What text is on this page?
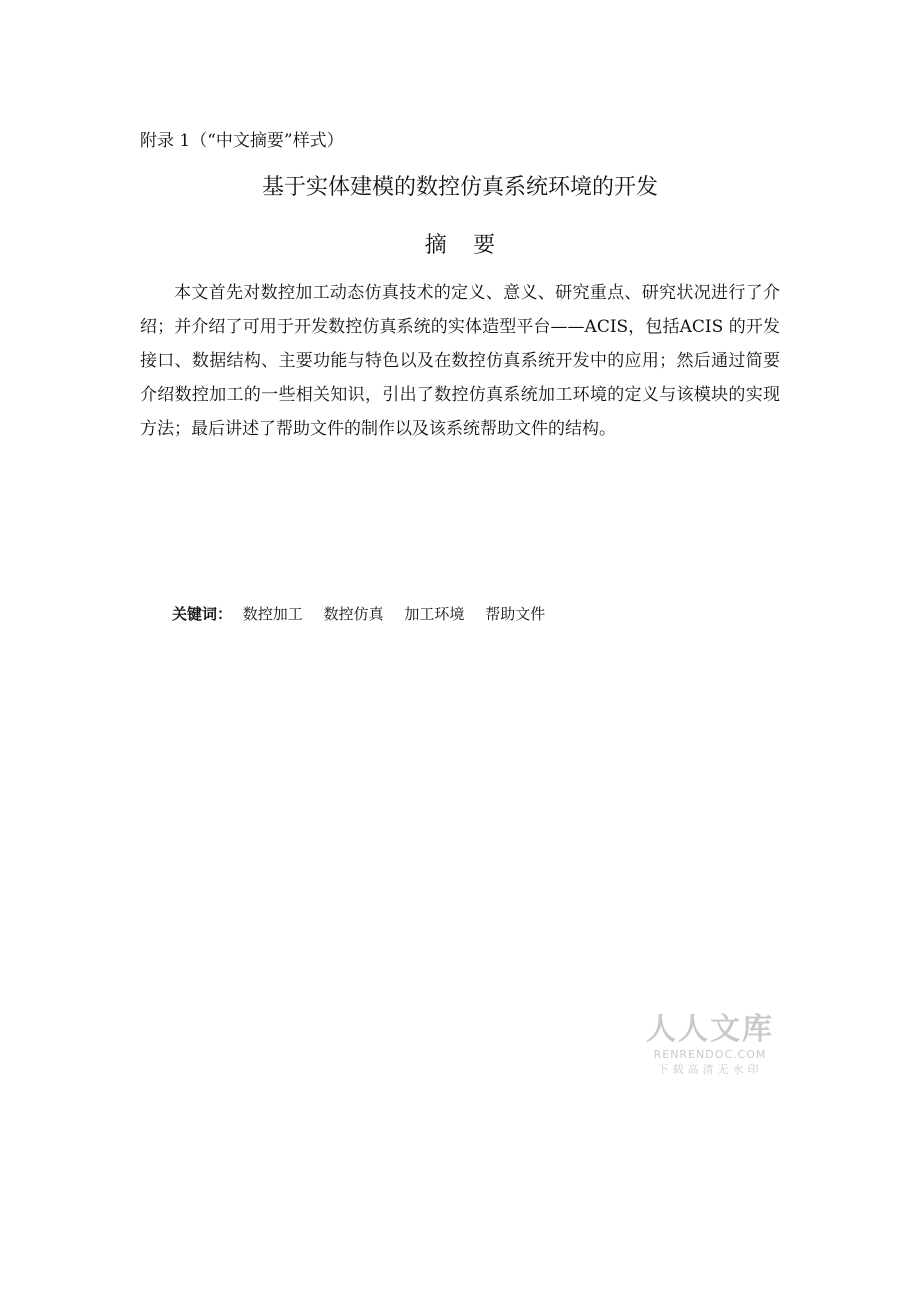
附录 1（“中文摘要”样式）
基于实体建模的数控仿真系统环境的开发
摘要

本文首先对数控加工动态仿真技术的定义、意义、研究重点、研究状况进行了介绍；并介绍了可用于开发数控仿真系统的实体造型平台——ACIS，包括ACIS 的开发接口、数据结构、主要功能与特色以及在数控仿真系统开发中的应用；然后通过简要介绍数控加工的一些相关知识，引出了数控仿真系统加工环境的定义与该模块的实现方法；最后讲述了帮助文件的制作以及该系统帮助文件的结构。

关键词： 数控加工 数控仿真 加工环境 帮助文件
人人文库
RENRENDOC.COM
下载高清无水印
